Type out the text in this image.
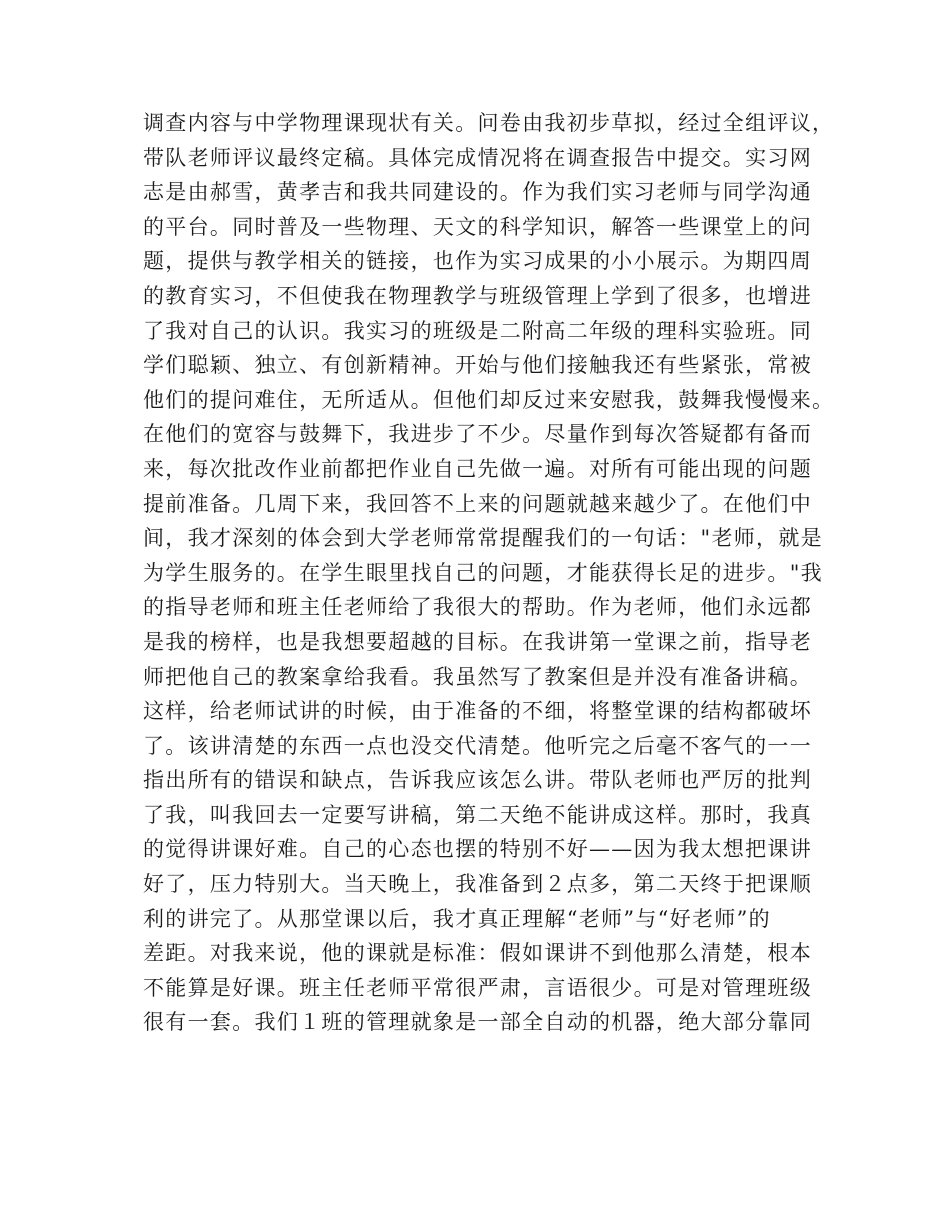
调查内容与中学物理课现状有关。问卷由我初步草拟，经过全组评议，
带队老师评议最终定稿。具体完成情况将在调查报告中提交。实习网
志是由郝雪，黄孝吉和我共同建设的。作为我们实习老师与同学沟通
的平台。同时普及一些物理、天文的科学知识，解答一些课堂上的问
题，提供与教学相关的链接，也作为实习成果的小小展示。为期四周
的教育实习，不但使我在物理教学与班级管理上学到了很多，也增进
了我对自己的认识。我实习的班级是二附高二年级的理科实验班。同
学们聪颖、独立、有创新精神。开始与他们接触我还有些紧张，常被
他们的提问难住，无所适从。但他们却反过来安慰我，鼓舞我慢慢来。
在他们的宽容与鼓舞下，我进步了不少。尽量作到每次答疑都有备而
来，每次批改作业前都把作业自己先做一遍。对所有可能出现的问题
提前准备。几周下来，我回答不上来的问题就越来越少了。在他们中
间，我才深刻的体会到大学老师常常提醒我们的一句话："老师，就是
为学生服务的。在学生眼里找自己的问题，才能获得长足的进步。"我
的指导老师和班主任老师给了我很大的帮助。作为老师，他们永远都
是我的榜样，也是我想要超越的目标。在我讲第一堂课之前，指导老
师把他自己的教案拿给我看。我虽然写了教案但是并没有准备讲稿。
这样，给老师试讲的时候，由于准备的不细，将整堂课的结构都破坏
了。该讲清楚的东西一点也没交代清楚。他听完之后毫不客气的一一
指出所有的错误和缺点，告诉我应该怎么讲。带队老师也严厉的批判
了我，叫我回去一定要写讲稿，第二天绝不能讲成这样。那时，我真
的觉得讲课好难。自己的心态也摆的特别不好——因为我太想把课讲
好了，压力特别大。当天晚上，我准备到２点多，第二天终于把课顺
利的讲完了。从那堂课以后，我才真正理解“老师”与“好老师”的
差距。对我来说，他的课就是标准：假如课讲不到他那么清楚，根本
不能算是好课。班主任老师平常很严肃，言语很少。可是对管理班级
很有一套。我们１班的管理就象是一部全自动的机器，绝大部分靠同
